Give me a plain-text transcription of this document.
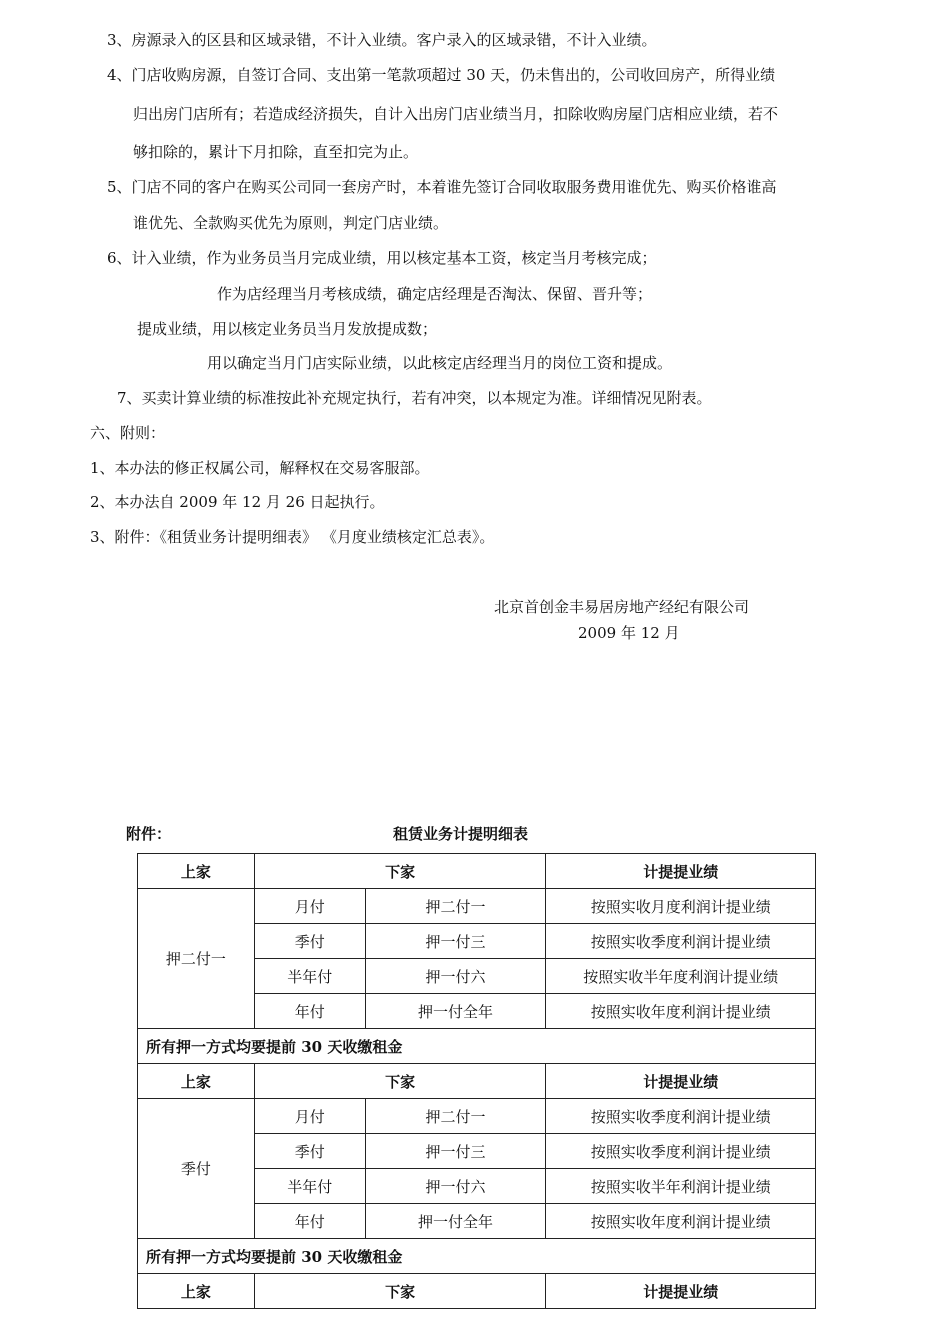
3、房源录入的区县和区域录错，不计入业绩。客户录入的区域录错，不计入业绩。
4、门店收购房源，自签订合同、支出第一笔款项超过 30 天，仍未售出的，公司收回房产，所得业绩
归出房门店所有；若造成经济损失，自计入出房门店业绩当月，扣除收购房屋门店相应业绩，若不
够扣除的，累计下月扣除，直至扣完为止。
5、门店不同的客户在购买公司同一套房产时，本着谁先签订合同收取服务费用谁优先、购买价格谁高
谁优先、全款购买优先为原则，判定门店业绩。
6、计入业绩，作为业务员当月完成业绩，用以核定基本工资，核定当月考核完成；
作为店经理当月考核成绩，确定店经理是否淘汰、保留、晋升等；
提成业绩，用以核定业务员当月发放提成数；
用以确定当月门店实际业绩，以此核定店经理当月的岗位工资和提成。
7、买卖计算业绩的标准按此补充规定执行，若有冲突，以本规定为准。详细情况见附表。
六、附则：
1、本办法的修正权属公司，解释权在交易客服部。
2、本办法自 2009 年 12 月 26 日起执行。
3、附件：《租赁业务计提明细表》 《月度业绩核定汇总表》。
北京首创金丰易居房地产经纪有限公司
2009 年 12 月
附件：	租赁业务计提明细表
上家	下家		计提提业绩
押二付一	月付	押二付一	按照实收月度利润计提业绩
	季付	押一付三	按照实收季度利润计提业绩
	半年付	押一付六	按照实收半年度利润计提业绩
	年付	押一付全年	按照实收年度利润计提业绩
所有押一方式均要提前 30 天收缴租金			
上家	下家		计提提业绩
季付	月付	押二付一	按照实收季度利润计提业绩
	季付	押一付三	按照实收季度利润计提业绩
	半年付	押一付六	按照实收半年利润计提业绩
	年付	押一付全年	按照实收年度利润计提业绩
所有押一方式均要提前 30 天收缴租金			
上家	下家		计提提业绩
